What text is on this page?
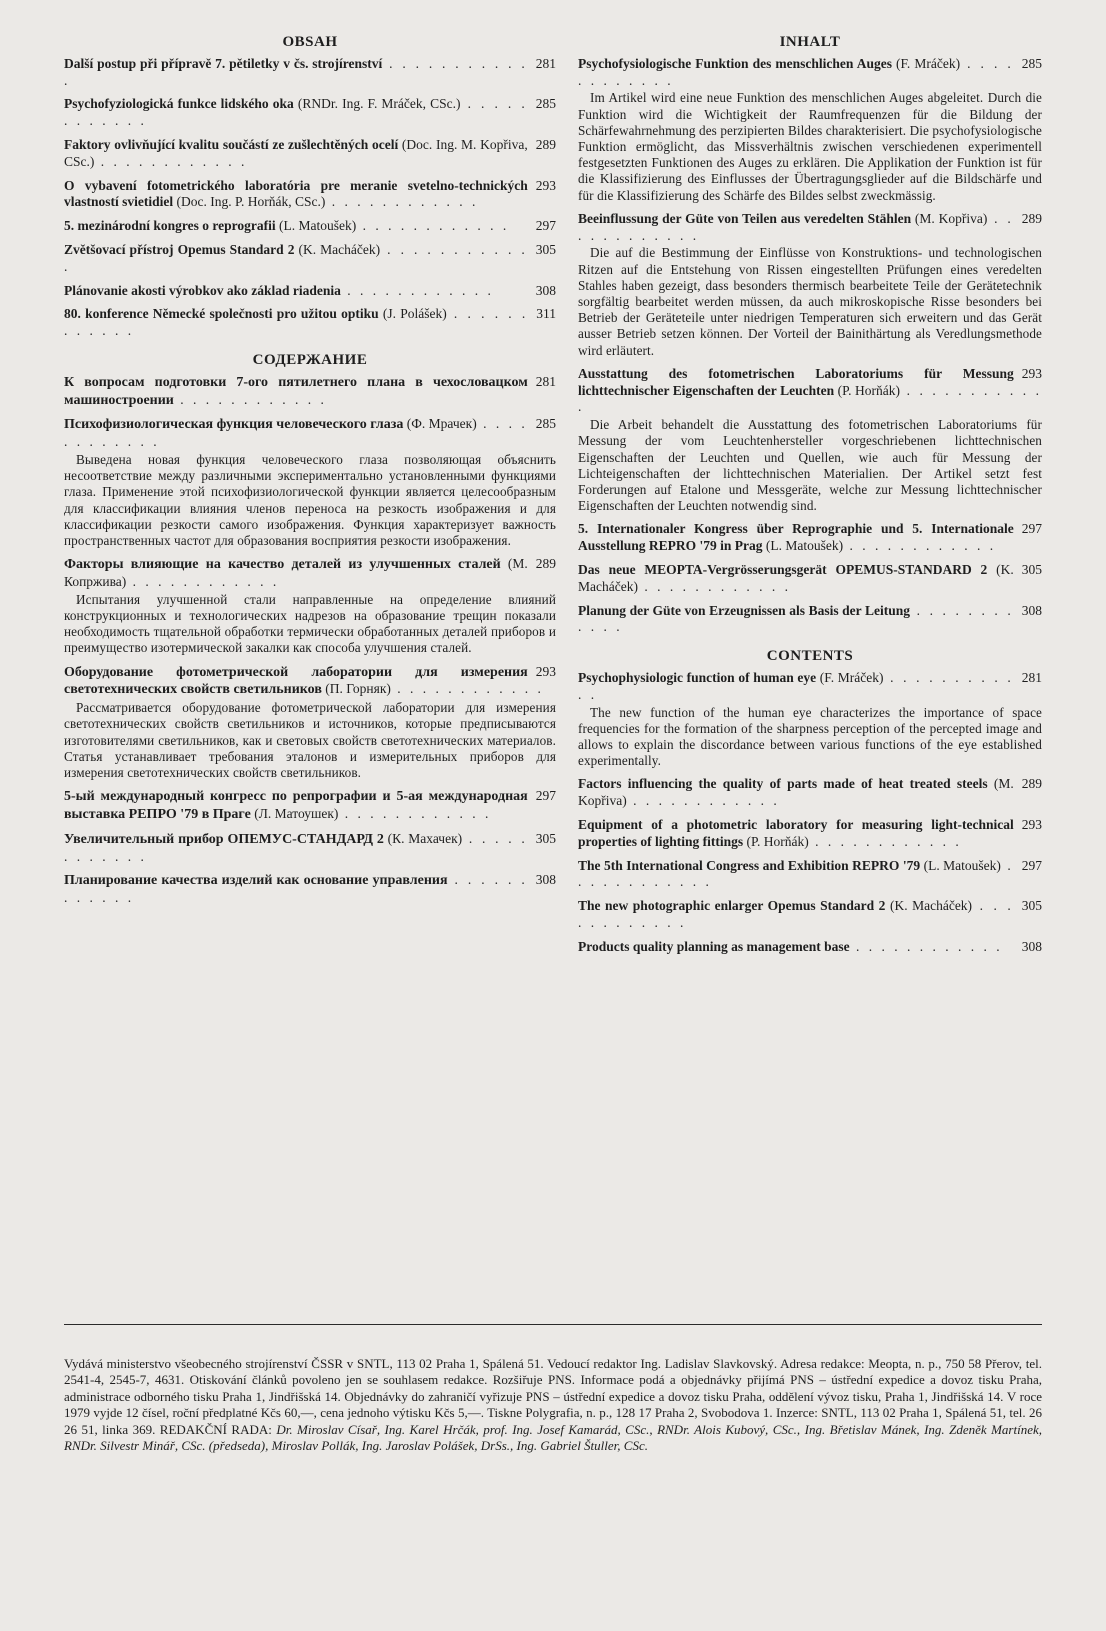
OBSAH
281
Další postup při přípravě 7. pětiletky v čs. strojírenství . . . . . . . . . . . .
285
Psychofyziologická funkce lidského oka (RNDr. Ing. F. Mráček, CSc.) . . . . . . . . . . . .
289
Faktory ovlivňující kvalitu součástí ze zušlechtěných ocelí (Doc. Ing. M. Kopřiva, CSc.) . . . . . . . . . . . .
293
O vybavení fotometrického laboratória pre meranie svetelno-technických vlastností svietidiel (Doc. Ing. P. Horňák, CSc.) . . . . . . . . . . . .
297
5. mezinárodní kongres o reprografii (L. Matoušek) . . . . . . . . . . . .
305
Zvětšovací přístroj Opemus Standard 2 (K. Macháček) . . . . . . . . . . . .
308
Plánovanie akosti výrobkov ako základ riadenia . . . . . . . . . . . .
311
80. konference Německé společnosti pro užitou optiku (J. Polášek) . . . . . . . . . . . .
СОДЕРЖАНИЕ
281
К вопросам подготовки 7-ого пятилетнего плана в чехословацком машиностроении . . . . . . . . . . . .
285
Психофизиологическая функция человеческого глаза (Ф. Мрачек) . . . . . . . . . . . .
Выведена новая функция человеческого глаза позволяющая объяснить несоответствие между различными экспериментально установленными функциями глаза. Применение этой психофизиологической функции является целесообразным для классификации влияния членов переноса на резкость изображения и для классификации резкости самого изображения. Функция характеризует важность пространственных частот для образования восприятия резкости изображения.
289
Факторы влияющие на качество деталей из улучшенных сталей (М. Копржива) . . . . . . . . . . . .
Испытания улучшенной стали направленные на определение влияний конструкционных и технологических надрезов на образование трещин показали необходимость тщательной обработки термически обработанных деталей приборов и преимущество изотермической закалки как способа улучшения сталей.
293
Оборудование фотометрической лаборатории для измерения светотехнических свойств светильников (П. Горняк) . . . . . . . . . . . .
Рассматривается оборудование фотометрической лаборатории для измерения светотехнических свойств светильников и источников, которые предписываются изготовителями светильников, как и световых свойств светотехнических материалов. Статья устанавливает требования эталонов и измерительных приборов для измерения светотехнических свойств светильников.
297
5-ый международный конгресс по репрографии и 5-ая международная выставка РЕПРО '79 в Праге (Л. Матоушек) . . . . . . . . . . . .
305
Увеличительный прибор ОПЕМУС-СТАНДАРД 2 (К. Махачек) . . . . . . . . . . . .
308
Планирование качества изделий как основание управления . . . . . . . . . . . .
INHALT
285
Psychofysiologische Funktion des menschlichen Auges (F. Mráček) . . . . . . . . . . . .
Im Artikel wird eine neue Funktion des menschlichen Auges abgeleitet. Durch die Funktion wird die Wichtigkeit der Raumfrequenzen für die Bildung der Schärfewahrnehmung des perzipierten Bildes charakterisiert. Die psychofysiologische Funktion ermöglicht, das Missverhältnis zwischen verschiedenen experimentell festgesetzten Funktionen des Auges zu erklären. Die Applikation der Funktion ist für die Klassifizierung des Einflusses der Übertragungsglieder auf die Bildschärfe und für die Klassifizierung des Schärfe des Bildes selbst zweckmässig.
289
Beeinflussung der Güte von Teilen aus veredelten Stählen (M. Kopřiva) . . . . . . . . . . . .
Die auf die Bestimmung der Einflüsse von Konstruktions- und technologischen Ritzen auf die Entstehung von Rissen eingestellten Prüfungen eines veredelten Stahles haben gezeigt, dass besonders thermisch bearbeitete Teile der Gerätetechnik sorgfältig bearbeitet werden müssen, da auch mikroskopische Risse besonders bei Betrieb der Geräteteile unter niedrigen Temperaturen sich erweitern und das Gerät ausser Betrieb setzen können. Der Vorteil der Bainithärtung als Veredlungsmethode wird erläutert.
293
Ausstattung des fotometrischen Laboratoriums für Messung lichttechnischer Eigenschaften der Leuchten (P. Horňák) . . . . . . . . . . . .
Die Arbeit behandelt die Ausstattung des fotometrischen Laboratoriums für Messung der vom Leuchtenhersteller vorgeschriebenen lichttechnischen Eigenschaften der Leuchten und Quellen, wie auch für Messung der Lichteigenschaften der lichttechnischen Materialien. Der Artikel setzt fest Forderungen auf Etalone und Messgeräte, welche zur Messung lichttechnischer Eigenschaften der Leuchten notwendig sind.
297
5. Internationaler Kongress über Reprographie und 5. Internationale Ausstellung REPRO '79 in Prag (L. Matoušek) . . . . . . . . . . . .
305
Das neue MEOPTA-Vergrösserungsgerät OPEMUS-STANDARD 2 (K. Macháček) . . . . . . . . . . . .
308
Planung der Güte von Erzeugnissen als Basis der Leitung . . . . . . . . . . . .
CONTENTS
281
Psychophysiologic function of human eye (F. Mráček) . . . . . . . . . . . .
The new function of the human eye characterizes the importance of space frequencies for the formation of the sharpness perception of the percepted image and allows to explain the discordance between various functions of the eye established experimentally.
289
Factors influencing the quality of parts made of heat treated steels (M. Kopřiva) . . . . . . . . . . . .
293
Equipment of a photometric laboratory for measuring light-technical properties of lighting fittings (P. Horňák) . . . . . . . . . . . .
297
The 5th International Congress and Exhibition REPRO '79 (L. Matoušek) . . . . . . . . . . . .
305
The new photographic enlarger Opemus Standard 2 (K. Macháček) . . . . . . . . . . . .
308
Products quality planning as management base . . . . . . . . . . . .
Vydává ministerstvo všeobecného strojírenství ČSSR v SNTL, 113 02 Praha 1, Spálená 51. Vedoucí redaktor Ing. Ladislav Slavkovský. Adresa redakce: Meopta, n. p., 750 58 Přerov, tel. 2541-4, 2545-7, 4631. Otiskování článků povoleno jen se souhlasem redakce. Rozšiřuje PNS. Informace podá a objednávky přijímá PNS – ústřední expedice a dovoz tisku Praha, administrace odborného tisku Praha 1, Jindřišská 14. Objednávky do zahraničí vyřizuje PNS – ústřední expedice a dovoz tisku Praha, oddělení vývoz tisku, Praha 1, Jindřišská 14. V roce 1979 vyjde 12 čísel, roční předplatné Kčs 60,—, cena jednoho výtisku Kčs 5,—. Tiskne Polygrafia, n. p., 128 17 Praha 2, Svobodova 1. Inzerce: SNTL, 113 02 Praha 1, Spálená 51, tel. 26 26 51, linka 369. REDAKČNÍ RADA: Dr. Miroslav Císař, Ing. Karel Hrčák, prof. Ing. Josef Kamarád, CSc., RNDr. Alois Kubový, CSc., Ing. Břetislav Mánek, Ing. Zdeněk Martínek, RNDr. Silvestr Minář, CSc. (předseda), Miroslav Pollák, Ing. Jaroslav Polášek, DrSs., Ing. Gabriel Štuller, CSc.
